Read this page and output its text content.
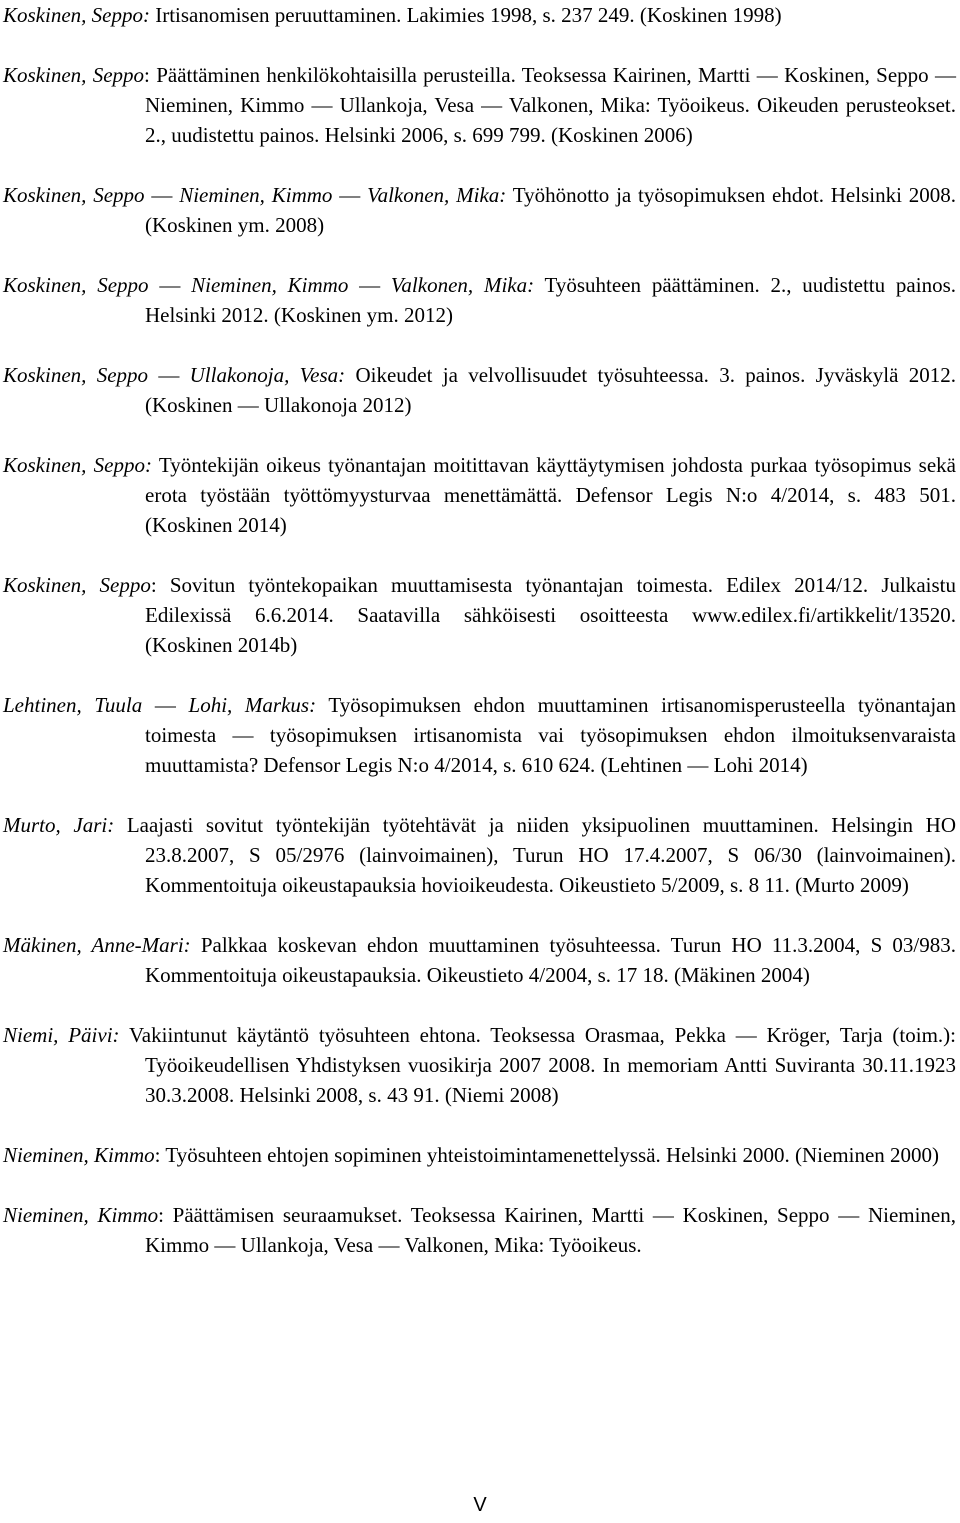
Koskinen, Seppo: Irtisanomisen peruuttaminen. Lakimies 1998, s. 237 249. (Koskinen 1998)

Koskinen, Seppo: Päättäminen henkilökohtaisilla perusteilla. Teoksessa Kairinen, Martti ― Koskinen, Seppo ― Nieminen, Kimmo ― Ullankoja, Vesa ― Valkonen, Mika: Työoikeus. Oikeuden perusteokset. 2., uudistettu painos. Helsinki 2006, s. 699 799. (Koskinen 2006)

Koskinen, Seppo ― Nieminen, Kimmo ― Valkonen, Mika: Työhönotto ja työsopimuksen ehdot. Helsinki 2008. (Koskinen ym. 2008)

Koskinen, Seppo ― Nieminen, Kimmo ― Valkonen, Mika: Työsuhteen päättäminen. 2., uudistettu painos. Helsinki 2012. (Koskinen ym. 2012)

Koskinen, Seppo ― Ullakonoja, Vesa: Oikeudet ja velvollisuudet työsuhteessa. 3. painos. Jyväskylä 2012. (Koskinen ― Ullakonoja 2012)

Koskinen, Seppo: Työntekijän oikeus työnantajan moitittavan käyttäytymisen johdosta purkaa työsopimus sekä erota työstään työttömyysturvaa menettämättä. Defensor Legis N:o 4/2014, s. 483 501. (Koskinen 2014)

Koskinen, Seppo: Sovitun työntekopaikan muuttamisesta työnantajan toimesta. Edilex 2014/12. Julkaistu Edilexissä 6.6.2014. Saatavilla sähköisesti osoitteesta www.edilex.fi/artikkelit/13520. (Koskinen 2014b)

Lehtinen, Tuula ― Lohi, Markus: Työsopimuksen ehdon muuttaminen irtisanomisperusteella työnantajan toimesta ― työsopimuksen irtisanomista vai työsopimuksen ehdon ilmoituksenvaraista muuttamista? Defensor Legis N:o 4/2014, s. 610 624. (Lehtinen ― Lohi 2014)

Murto, Jari: Laajasti sovitut työntekijän työtehtävät ja niiden yksipuolinen muuttaminen. Helsingin HO 23.8.2007, S 05/2976 (lainvoimainen), Turun HO 17.4.2007, S 06/30 (lainvoimainen). Kommentoituja oikeustapauksia hovioikeudesta. Oikeustieto 5/2009, s. 8 11. (Murto 2009)

Mäkinen, Anne-Mari: Palkkaa koskevan ehdon muuttaminen työsuhteessa. Turun HO 11.3.2004, S 03/983. Kommentoituja oikeustapauksia. Oikeustieto 4/2004, s. 17 18. (Mäkinen 2004)

Niemi, Päivi: Vakiintunut käytäntö työsuhteen ehtona. Teoksessa Orasmaa, Pekka ― Kröger, Tarja (toim.): Työoikeudellisen Yhdistyksen vuosikirja 2007 2008. In memoriam Antti Suviranta 30.11.1923 30.3.2008. Helsinki 2008, s. 43 91. (Niemi 2008)

Nieminen, Kimmo: Työsuhteen ehtojen sopiminen yhteistoimintamenettelyssä. Helsinki 2000. (Nieminen 2000)

Nieminen, Kimmo: Päättämisen seuraamukset. Teoksessa Kairinen, Martti ― Koskinen, Seppo ― Nieminen, Kimmo ― Ullankoja, Vesa ― Valkonen, Mika: Työoikeus.

V
